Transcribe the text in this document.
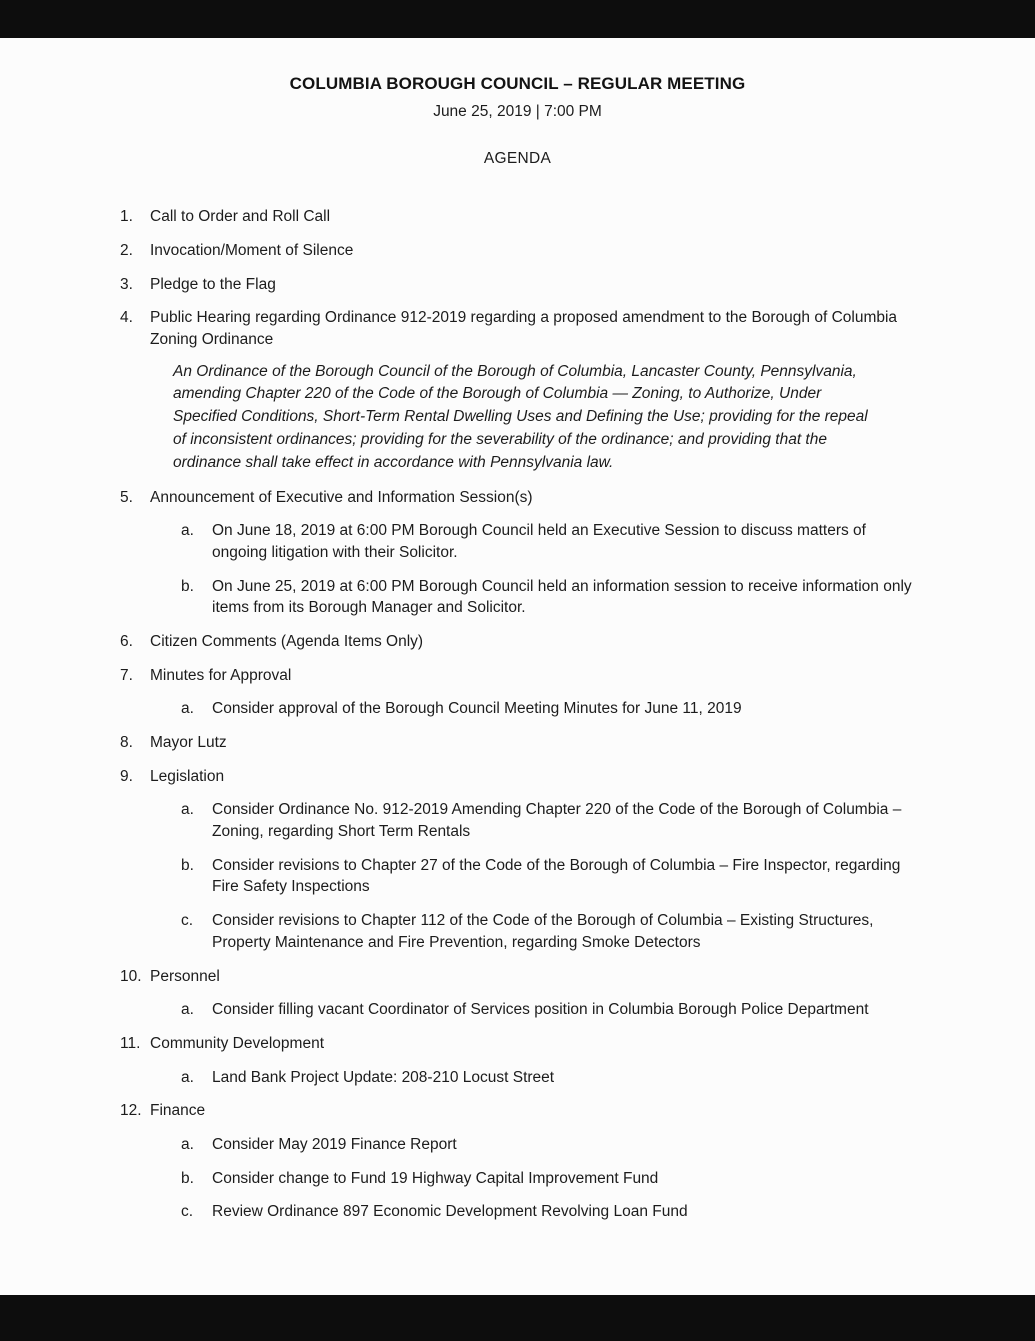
COLUMBIA BOROUGH COUNCIL – REGULAR MEETING
June 25, 2019 | 7:00 PM
AGENDA
1.	Call to Order and Roll Call
2.	Invocation/Moment of Silence
3.	Pledge to the Flag
4.	Public Hearing regarding Ordinance 912-2019 regarding a proposed amendment to the Borough of Columbia Zoning Ordinance

An Ordinance of the Borough Council of the Borough of Columbia, Lancaster County, Pennsylvania, amending Chapter 220 of the Code of the Borough of Columbia — Zoning, to Authorize, Under Specified Conditions, Short-Term Rental Dwelling Uses and Defining the Use; providing for the repeal of inconsistent ordinances; providing for the severability of the ordinance; and providing that the ordinance shall take effect in accordance with Pennsylvania law.

5.	Announcement of Executive and Information Session(s)
a.	On June 18, 2019 at 6:00 PM Borough Council held an Executive Session to discuss matters of ongoing litigation with their Solicitor.
b.	On June 25, 2019 at 6:00 PM Borough Council held an information session to receive information only items from its Borough Manager and Solicitor.
6.	Citizen Comments (Agenda Items Only)
7.	Minutes for Approval
a.	Consider approval of the Borough Council Meeting Minutes for June 11, 2019
8.	Mayor Lutz
9.	Legislation
a.	Consider Ordinance No. 912-2019 Amending Chapter 220 of the Code of the Borough of Columbia – Zoning, regarding Short Term Rentals
b.	Consider revisions to Chapter 27 of the Code of the Borough of Columbia – Fire Inspector, regarding Fire Safety Inspections
c.	Consider revisions to Chapter 112 of the Code of the Borough of Columbia – Existing Structures, Property Maintenance and Fire Prevention, regarding Smoke Detectors
10. Personnel
a.	Consider filling vacant Coordinator of Services position in Columbia Borough Police Department
11. Community Development
a.	Land Bank Project Update: 208-210 Locust Street
12. Finance
a.	Consider May 2019 Finance Report
b.	Consider change to Fund 19 Highway Capital Improvement Fund
c.	Review Ordinance 897 Economic Development Revolving Loan Fund
